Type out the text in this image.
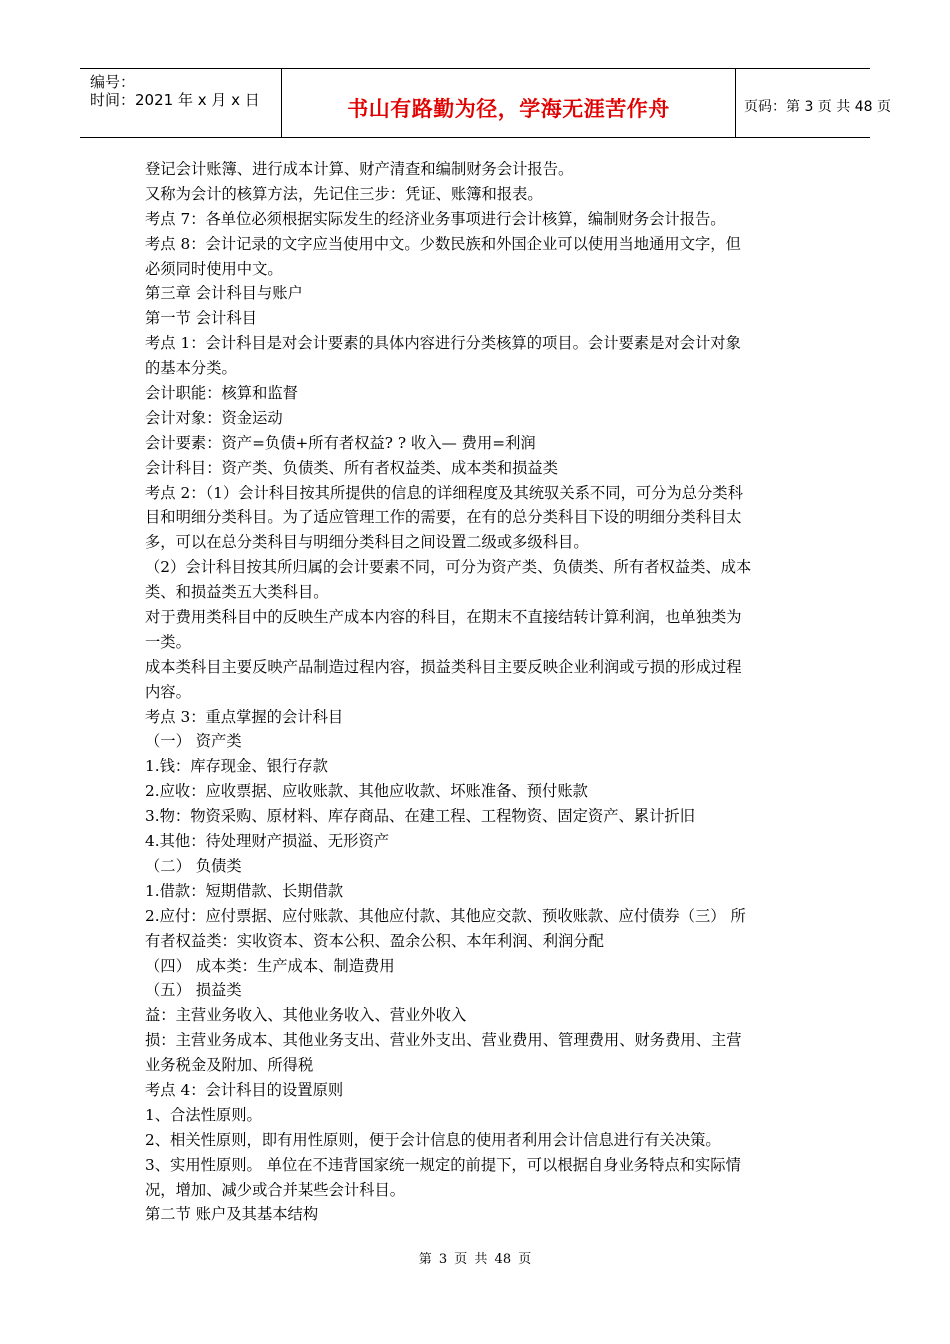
编号：
时间：2021 年 x 月 x 日	书山有路勤为径，学海无涯苦作舟	页码：第 3 页 共 48 页
登记会计账簿、进行成本计算、财产清查和编制财务会计报告。
又称为会计的核算方法，先记住三步：凭证、账簿和报表。
考点 7：各单位必须根据实际发生的经济业务事项进行会计核算，编制财务会计报告。
考点 8：会计记录的文字应当使用中文。少数民族和外国企业可以使用当地通用文字，但
必须同时使用中文。
第三章 会计科目与账户
第一节 会计科目
考点 1：会计科目是对会计要素的具体内容进行分类核算的项目。会计要素是对会计对象
的基本分类。
会计职能：核算和监督
会计对象：资金运动
会计要素：资产=负债+所有者权益? ? 收入— 费用=利润
会计科目：资产类、负债类、所有者权益类、成本类和损益类
考点 2：（1）会计科目按其所提供的信息的详细程度及其统驭关系不同，可分为总分类科
目和明细分类科目。为了适应管理工作的需要，在有的总分类科目下设的明细分类科目太
多，可以在总分类科目与明细分类科目之间设置二级或多级科目。
（2）会计科目按其所归属的会计要素不同，可分为资产类、负债类、所有者权益类、成本
类、和损益类五大类科目。
对于费用类科目中的反映生产成本内容的科目，在期末不直接结转计算利润，也单独类为
一类。
成本类科目主要反映产品制造过程内容，损益类科目主要反映企业利润或亏损的形成过程
内容。
考点 3：重点掌握的会计科目
（一） 资产类
1.钱：库存现金、银行存款
2.应收：应收票据、应收账款、其他应收款、坏账准备、预付账款
3.物：物资采购、原材料、库存商品、在建工程、工程物资、固定资产、累计折旧
4.其他：待处理财产损溢、无形资产
（二） 负债类
1.借款：短期借款、长期借款
2.应付：应付票据、应付账款、其他应付款、其他应交款、预收账款、应付债券（三） 所
有者权益类：实收资本、资本公积、盈余公积、本年利润、利润分配
（四） 成本类：生产成本、制造费用
（五） 损益类
益：主营业务收入、其他业务收入、营业外收入
损：主营业务成本、其他业务支出、营业外支出、营业费用、管理费用、财务费用、主营
业务税金及附加、所得税
考点 4：会计科目的设置原则
1、合法性原则。
2、相关性原则，即有用性原则，便于会计信息的使用者利用会计信息进行有关决策。
3、实用性原则。 单位在不违背国家统一规定的前提下，可以根据自身业务特点和实际情
况，增加、减少或合并某些会计科目。
第二节 账户及其基本结构
第 3 页 共 48 页
